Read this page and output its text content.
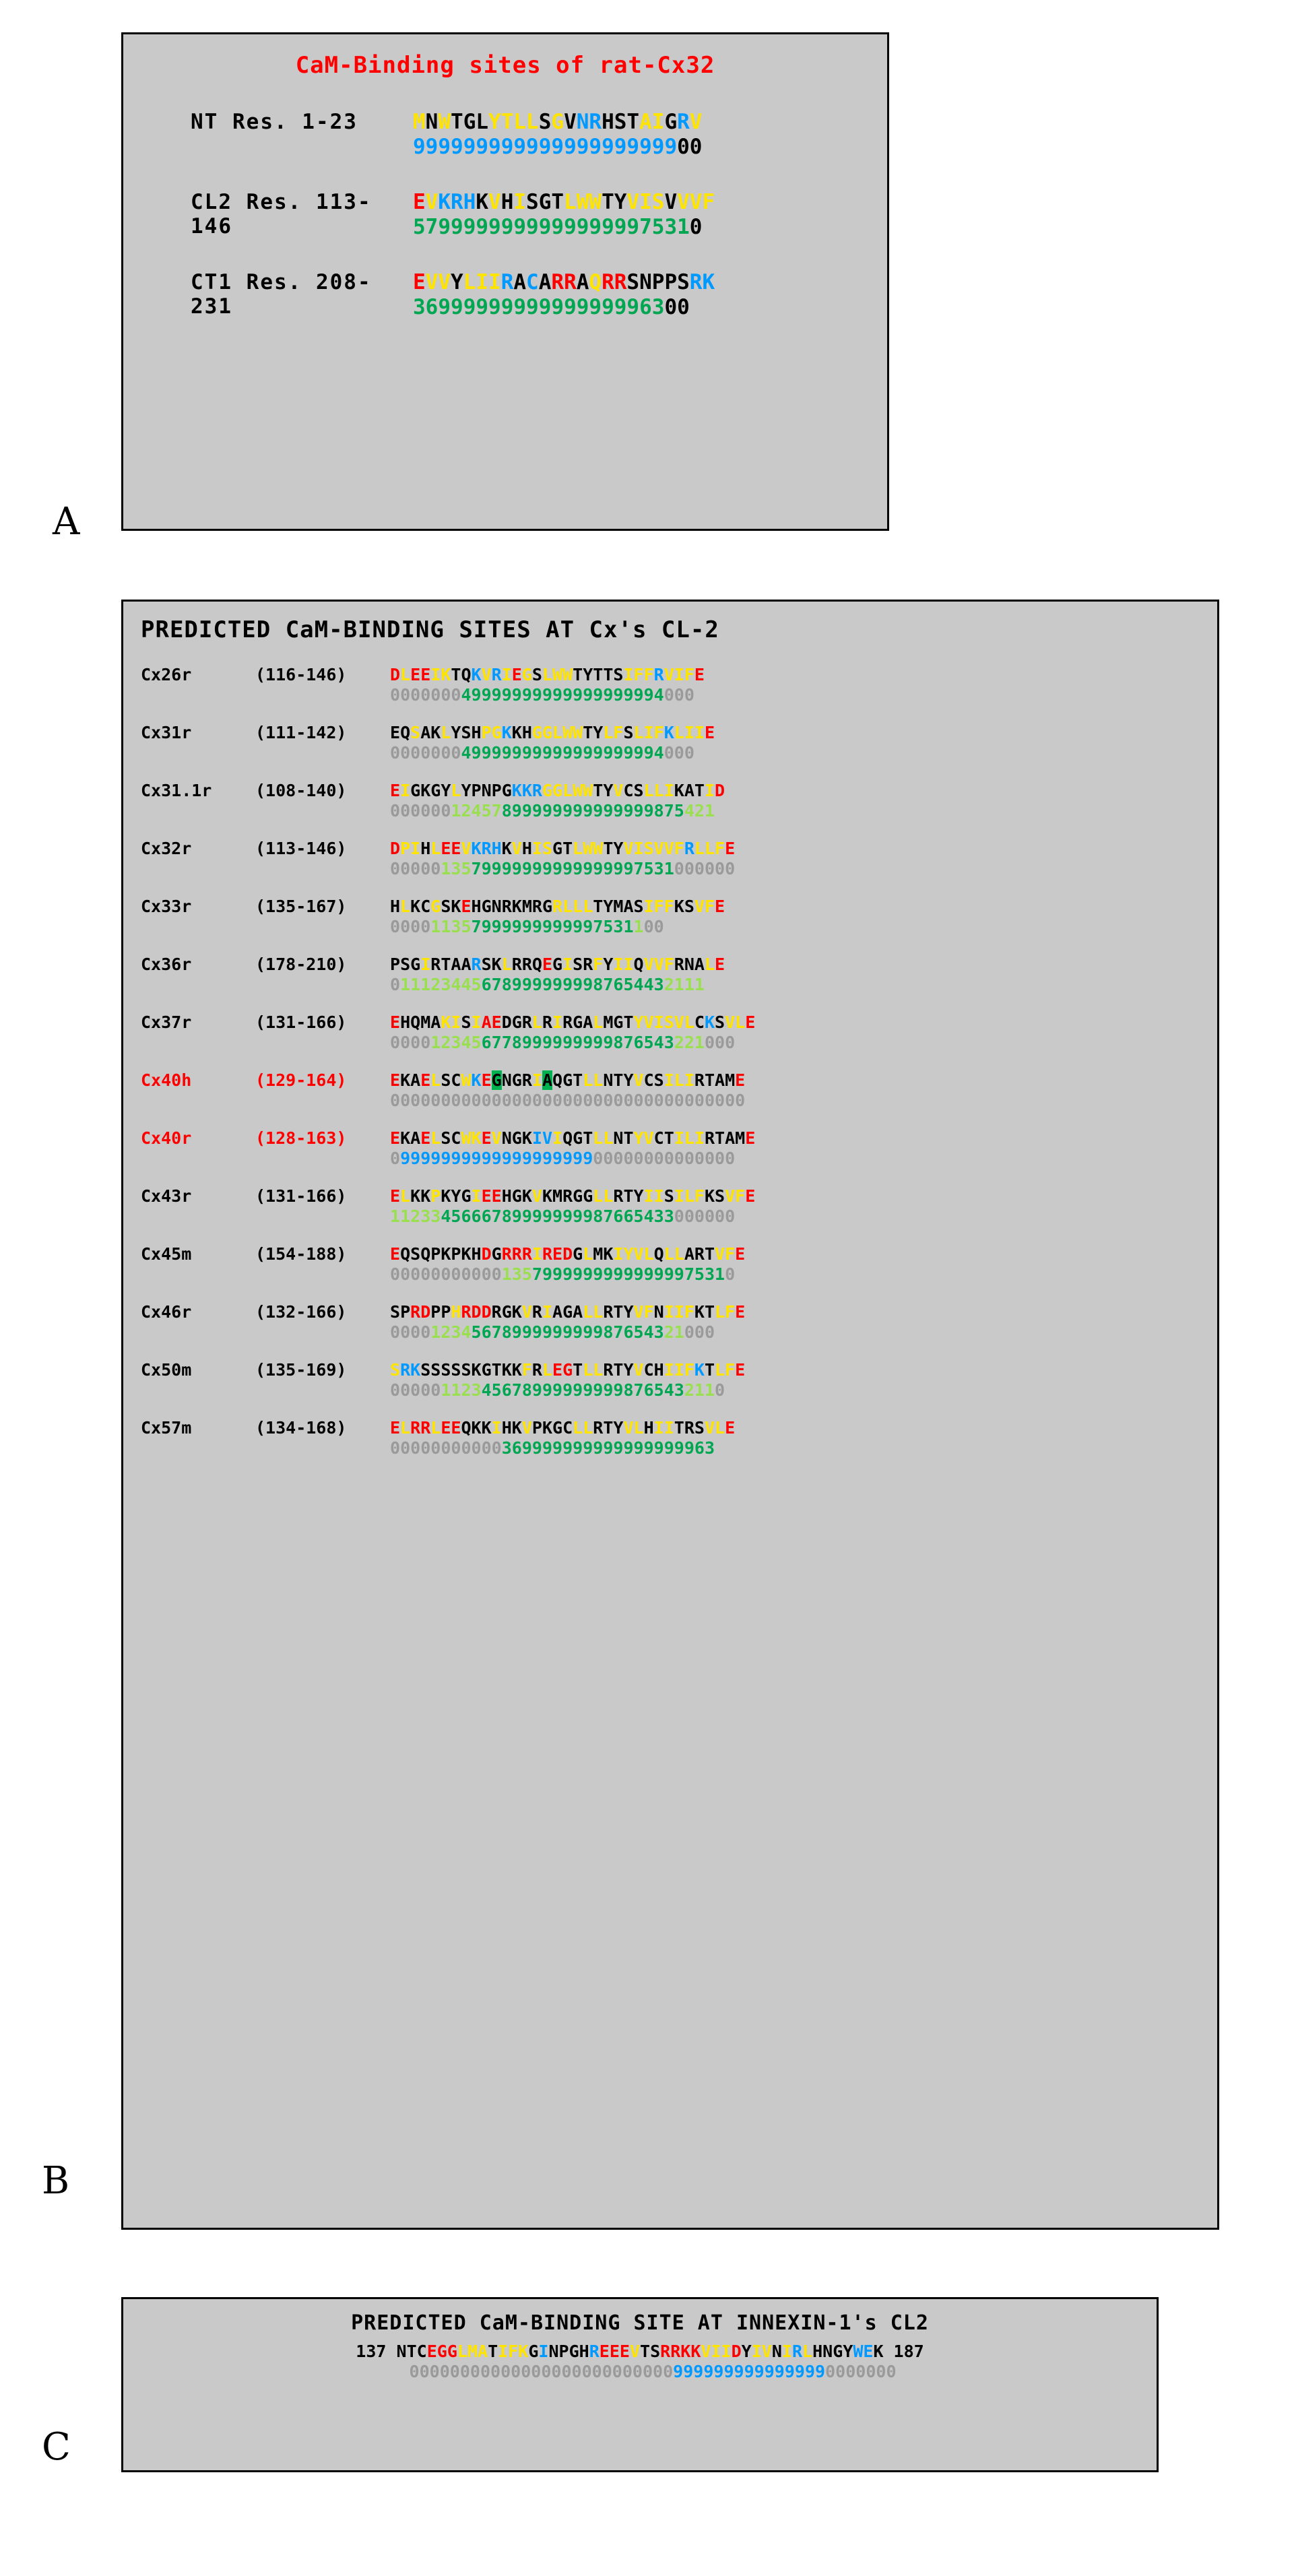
CaM-Binding sites of rat-Cx32
NT Res. 1-23	MNWTGLYTLLSGVNRHSTAIGRV
99999999999999999999900
CL2 Res. 113-146
EVKRHKVHISGTLWWTYVISVVVF
57999999999999999975310
CT1 Res. 208-231
EVVYLIIRACARRAQRRSNPPSRK
3699999999999999996300
A
PREDICTED CaM-BINDING SITES AT Cx's CL-2
Cx26r	(116-146)	DLEEIKTQKVRIEGSLWWTYTTSIFFRVIFE
000000049999999999999999994000
Cx31r	(111-142)	EQSAKLYSHPGKKHGGLWWTYLFSLIFKLIIE
000000049999999999999999994000
Cx31.1r	(108-140)	EIGKGYLYPNPGKKRGGLWWTYVCSLLIKATID
00000012457899999999999999875421
Cx32r	(113-146)	DPIHLEEVKRHKVHISGTLWWTYVISVVFRLLFE
0000013579999999999999997531000000
Cx33r	(135-167)	HLKCGSKEHGNRKMRGRLLLTYMASIFFKSVFE
000011357999999999997531100
Cx36r	(178-210)	PSGIRTAARSKLRRQEGISRFYIIQVVFRNALE
0111234456789999999987654432111
Cx37r	(131-166)	EHQMAKISIAEDGRLRIRGALMGTYVISVLCKSVLE
0000123456778999999999876543221000
Cx40h	(129-164)	EKAELSCWKEGNGRIAQGTLLNTYVCSILIRTAME
00000000000000000000000000000000000
Cx40r	(128-163)	EKAELSCWKEVNGKIVIQGTLLNTYVCTILIRTAME
0999999999999999999900000000000000
Cx43r	(131-166)	ELKKPKYGIEEHGKVKMRGGLLRTYIISILFKSVFE
1123345666789999999987665433000000
Cx45m	(154-188)	EQSQPKPKHDGRRRIREDGLMKIYVLQLLARTVFE
0000000000013579999999999999975310
Cx46r	(132-166)	SPRDPPHRDDRGKVRIAGALLRTYVFNIIFKTLFE
00001234567899999999987654321000
Cx50m	(135-169)	SRKSSSSSKGTKKFRLEGTLLRTYVCHIIFKTLFE
000001123456789999999998765432110
Cx57m	(134-168)	ELRRLEEQKKIHKVPKGCLLRTYVLHIITRSVLE
00000000000369999999999999999963
B
PREDICTED CaM-BINDING SITE AT INNEXIN-1's CL2
137 NTCEGGLMATIFKGINPGHREEEVTSRRKKVIIDYIVNIRLHNGYWEK 187
000000000000000000000000009999999999999990000000
C
